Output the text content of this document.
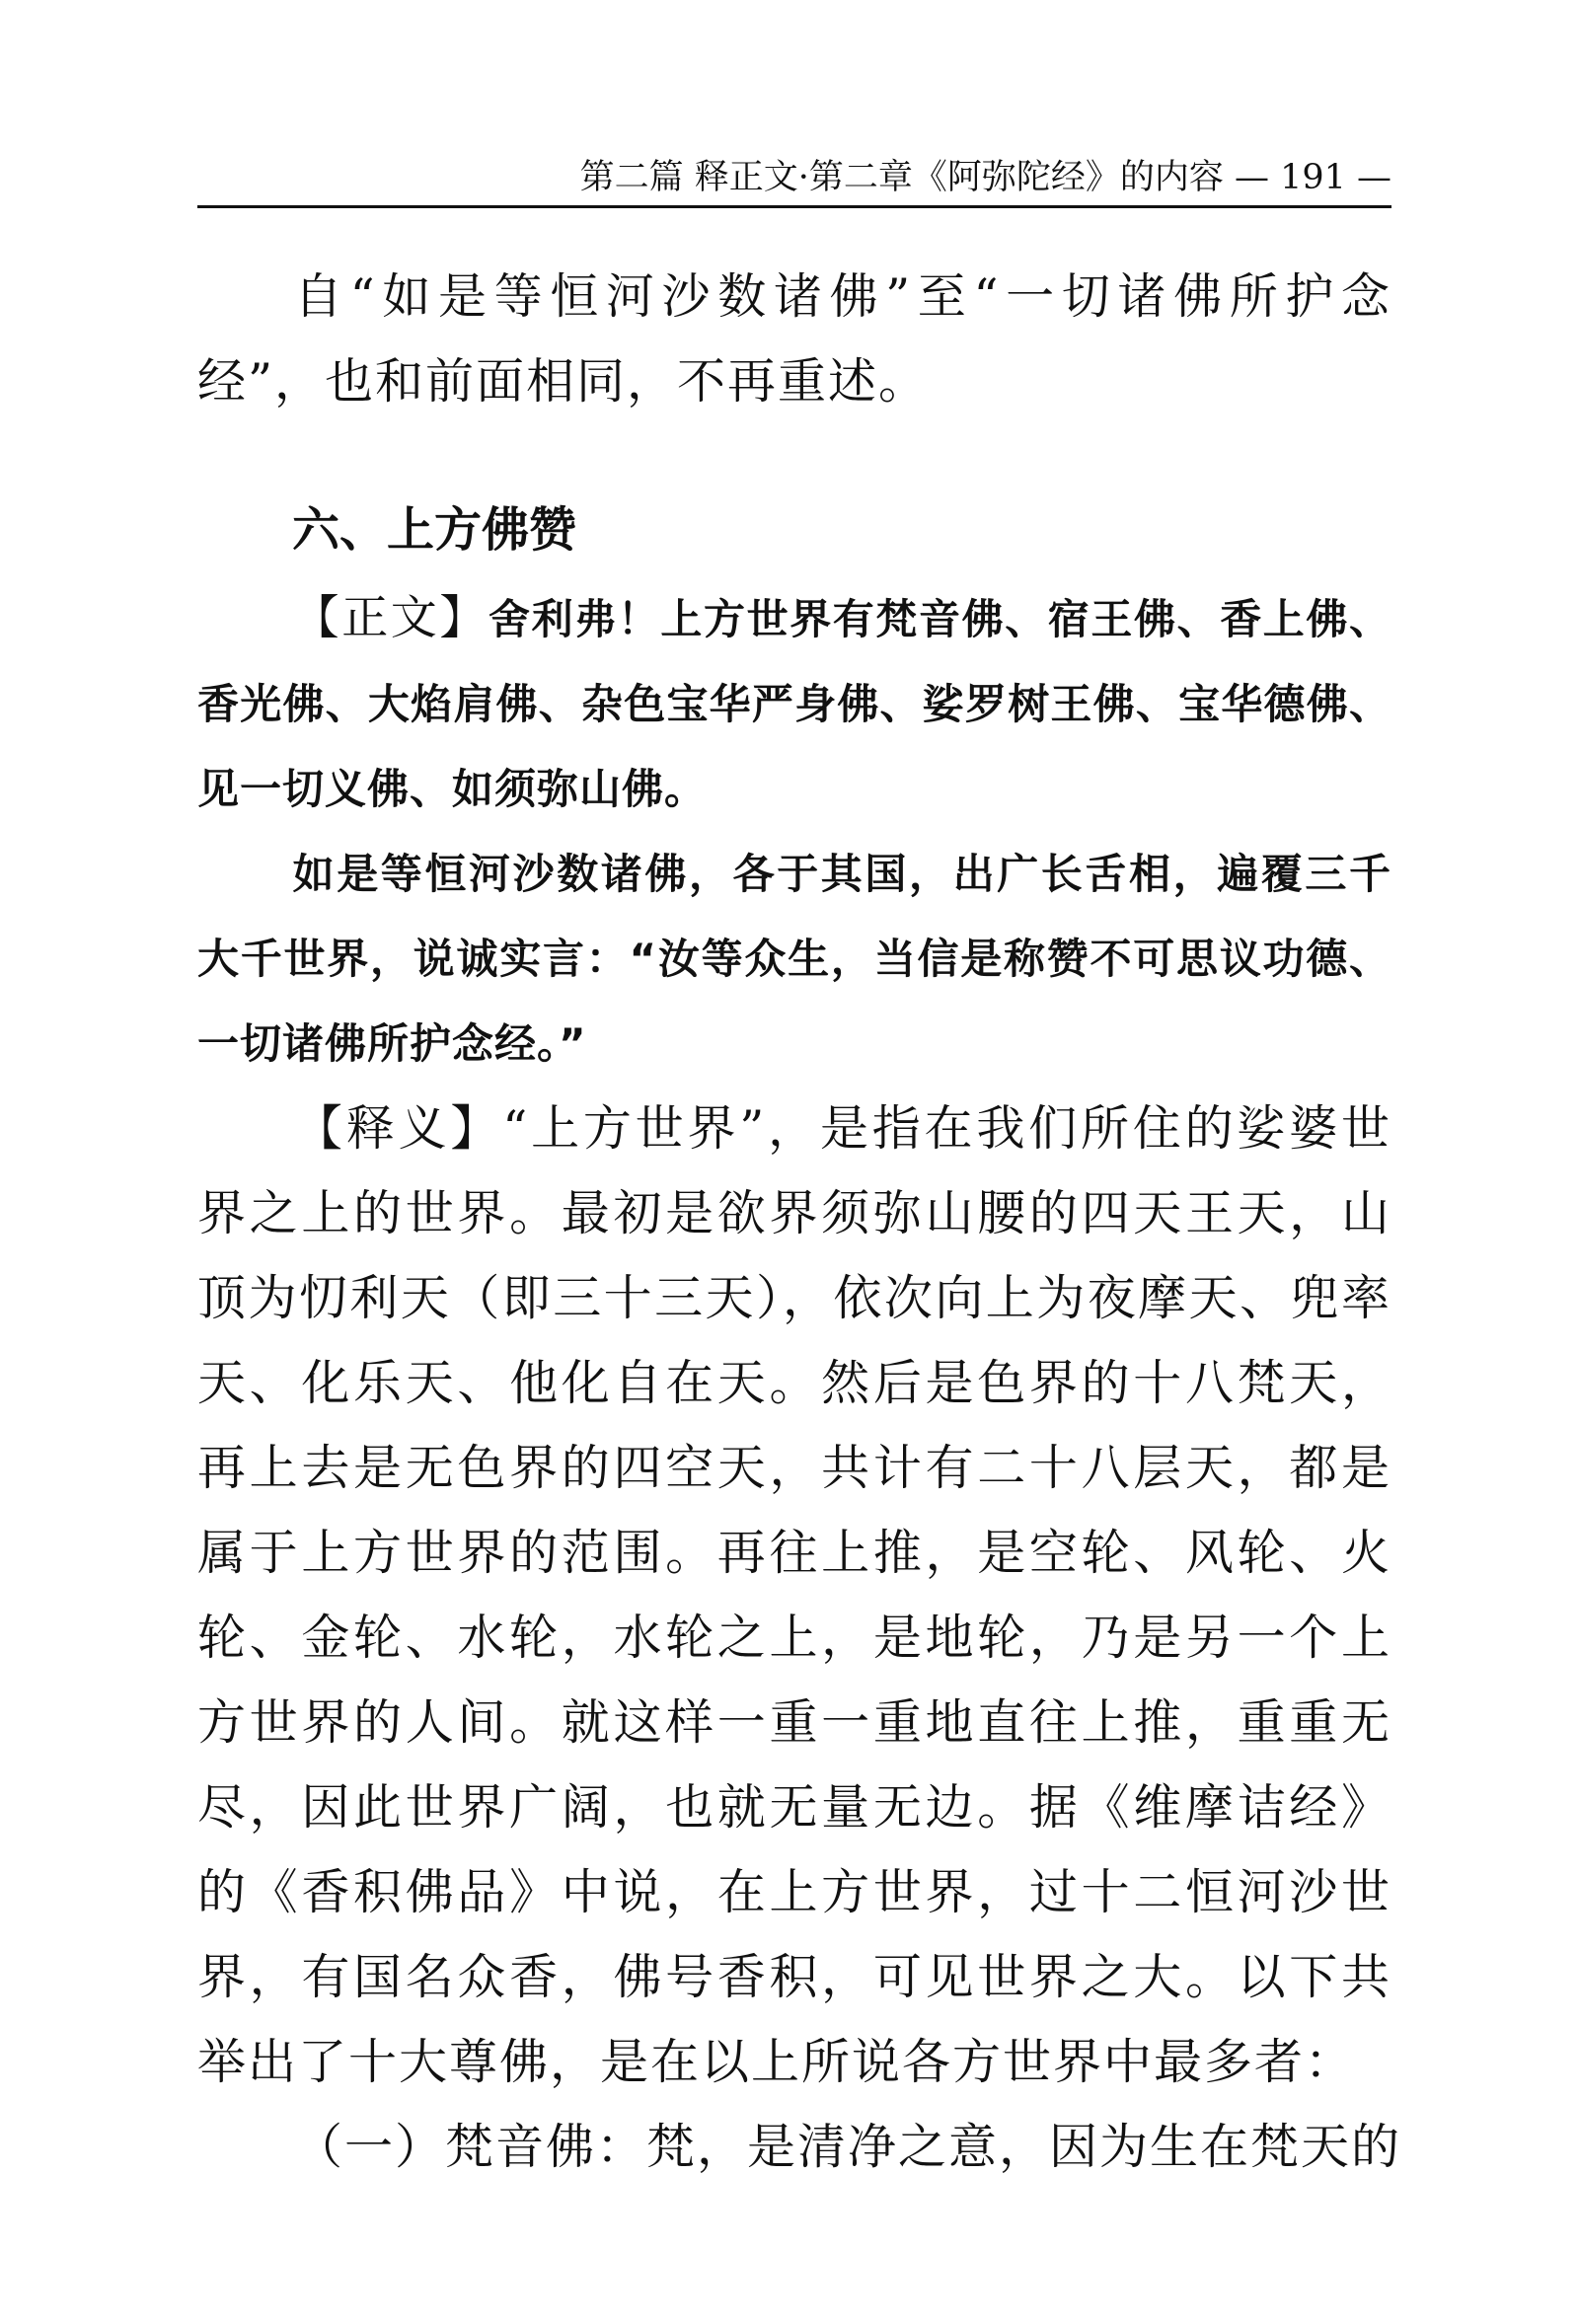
第二篇 释正文·第二章《阿弥陀经》的内容 — 191 —

自“如是等恒河沙数诸佛”至“一切诸佛所护念经”，也和前面相同，不再重述。

六、上方佛赞

【正文】舍利弗！上方世界有梵音佛、宿王佛、香上佛、香光佛、大焰肩佛、杂色宝华严身佛、娑罗树王佛、宝华德佛、见一切义佛、如须弥山佛。

如是等恒河沙数诸佛，各于其国，出广长舌相，遍覆三千大千世界，说诚实言：“汝等众生，当信是称赞不可思议功德、一切诸佛所护念经。”

【释义】“上方世界”，是指在我们所住的娑婆世界之上的世界。最初是欲界须弥山腰的四天王天，山顶为忉利天（即三十三天），依次向上为夜摩天、兜率天、化乐天、他化自在天。然后是色界的十八梵天，再上去是无色界的四空天，共计有二十八层天，都是属于上方世界的范围。再往上推，是空轮、风轮、火轮、金轮、水轮，水轮之上，是地轮，乃是另一个上方世界的人间。就这样一重一重地直往上推，重重无尽，因此世界广阔，也就无量无边。据《维摩诘经》的《香积佛品》中说，在上方世界，过十二恒河沙世界，有国名众香，佛号香积，可见世界之大。以下共举出了十大尊佛，是在以上所说各方世界中最多者：

（一）梵音佛：梵，是清净之意，因为生在梵天的
